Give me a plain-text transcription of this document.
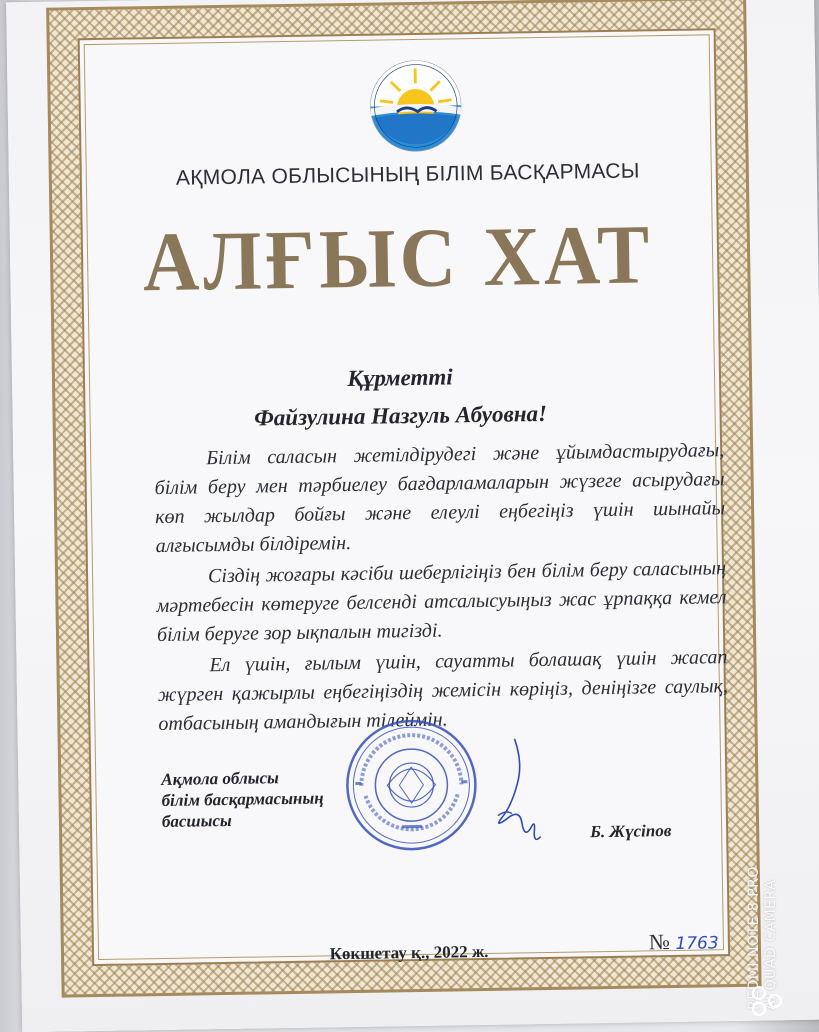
АҚМОЛА ОБЛЫСЫНЫҢ БІЛІМ БАСҚАРМАСЫ
АЛҒЫС ХАТ
Құрметті
Файзулина Назгуль Абуовна!

Білім саласын жетілдірудегі және ұйымдастырудағы, білім беру мен тәрбиелеу бағдарламаларын жүзеге асырудағы көп жылдар бойғы және елеулі еңбегіңіз үшін шынайы алғысымды білдіремін.

Сіздің жоғары кәсіби шеберлігіңіз бен білім беру саласының мәртебесін көтеруге белсенді атсалысуыңыз жас ұрпаққа кемел білім беруге зор ықпалын тигізді.

Ел үшін, ғылым үшін, сауатты болашақ үшін жасап жүрген қажырлы еңбегіңіздің жемісін көріңіз, деніңізге саулық, отбасының амандығын тілеймін.

Ақмола облысы
білім басқармасының
басшысы
Б. Жүсіпов
Көкшетау қ., 2022 ж.	№ 1763 REDMI NOTE 8 PRO AI QUAD CAMERA
